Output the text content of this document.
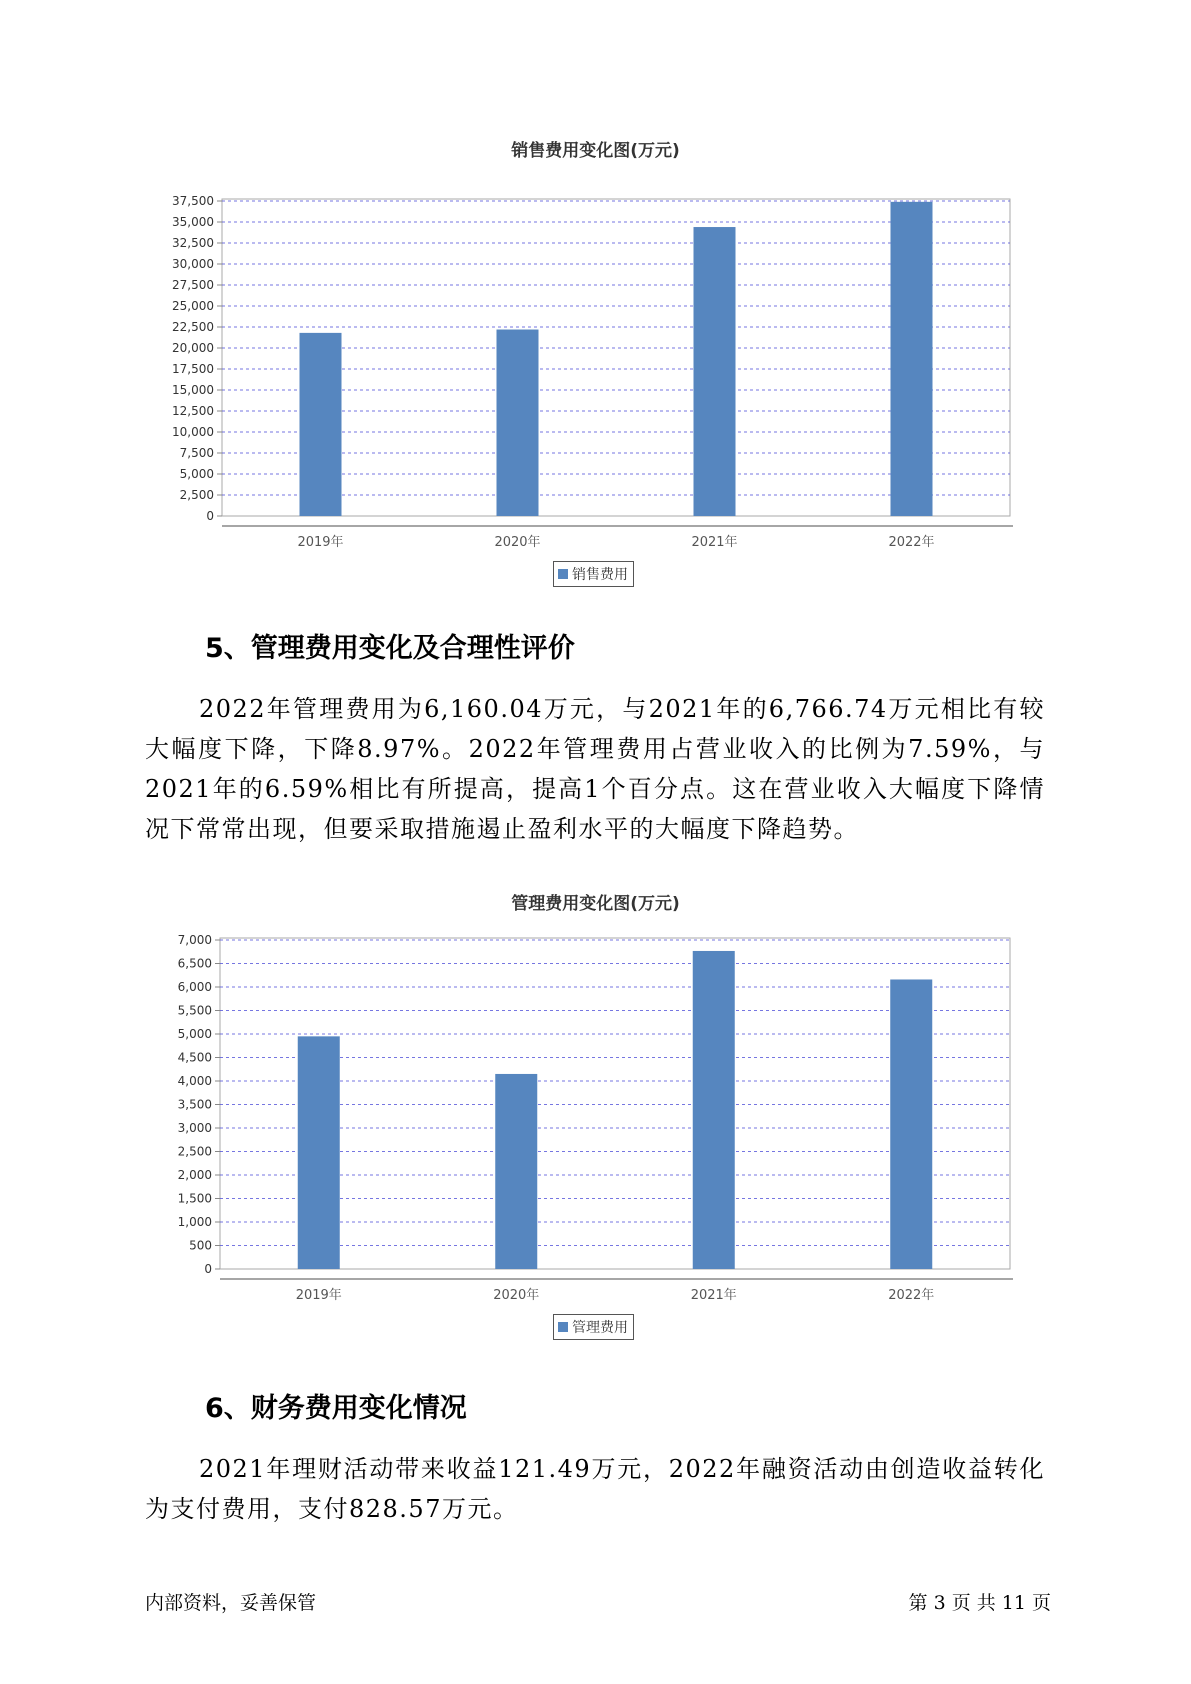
销售费用变化图(万元)
0
2,500
5,000
7,500
10,000
12,500
15,000
17,500
20,000
22,500
25,000
27,500
30,000
32,500
35,000
37,500
2019年	2020年	2021年	2022年
销售费用
5、管理费用变化及合理性评价

2022年管理费用为6,160.04万元，与2021年的6,766.74万元相比有较大幅度下降，下降8.97%。2022年管理费用占营业收入的比例为7.59%，与2021年的6.59%相比有所提高，提高1个百分点。这在营业收入大幅度下降情况下常常出现，但要采取措施遏止盈利水平的大幅度下降趋势。

管理费用变化图(万元)
0
500
1,000
1,500
2,000
2,500
3,000
3,500
4,000
4,500
5,000
5,500
6,000
6,500
7,000
2019年	2020年	2021年	2022年
管理费用
6、财务费用变化情况

2021年理财活动带来收益121.49万元，2022年融资活动由创造收益转化为支付费用，支付828.57万元。

内部资料，妥善保管	第 3 页 共 11 页
